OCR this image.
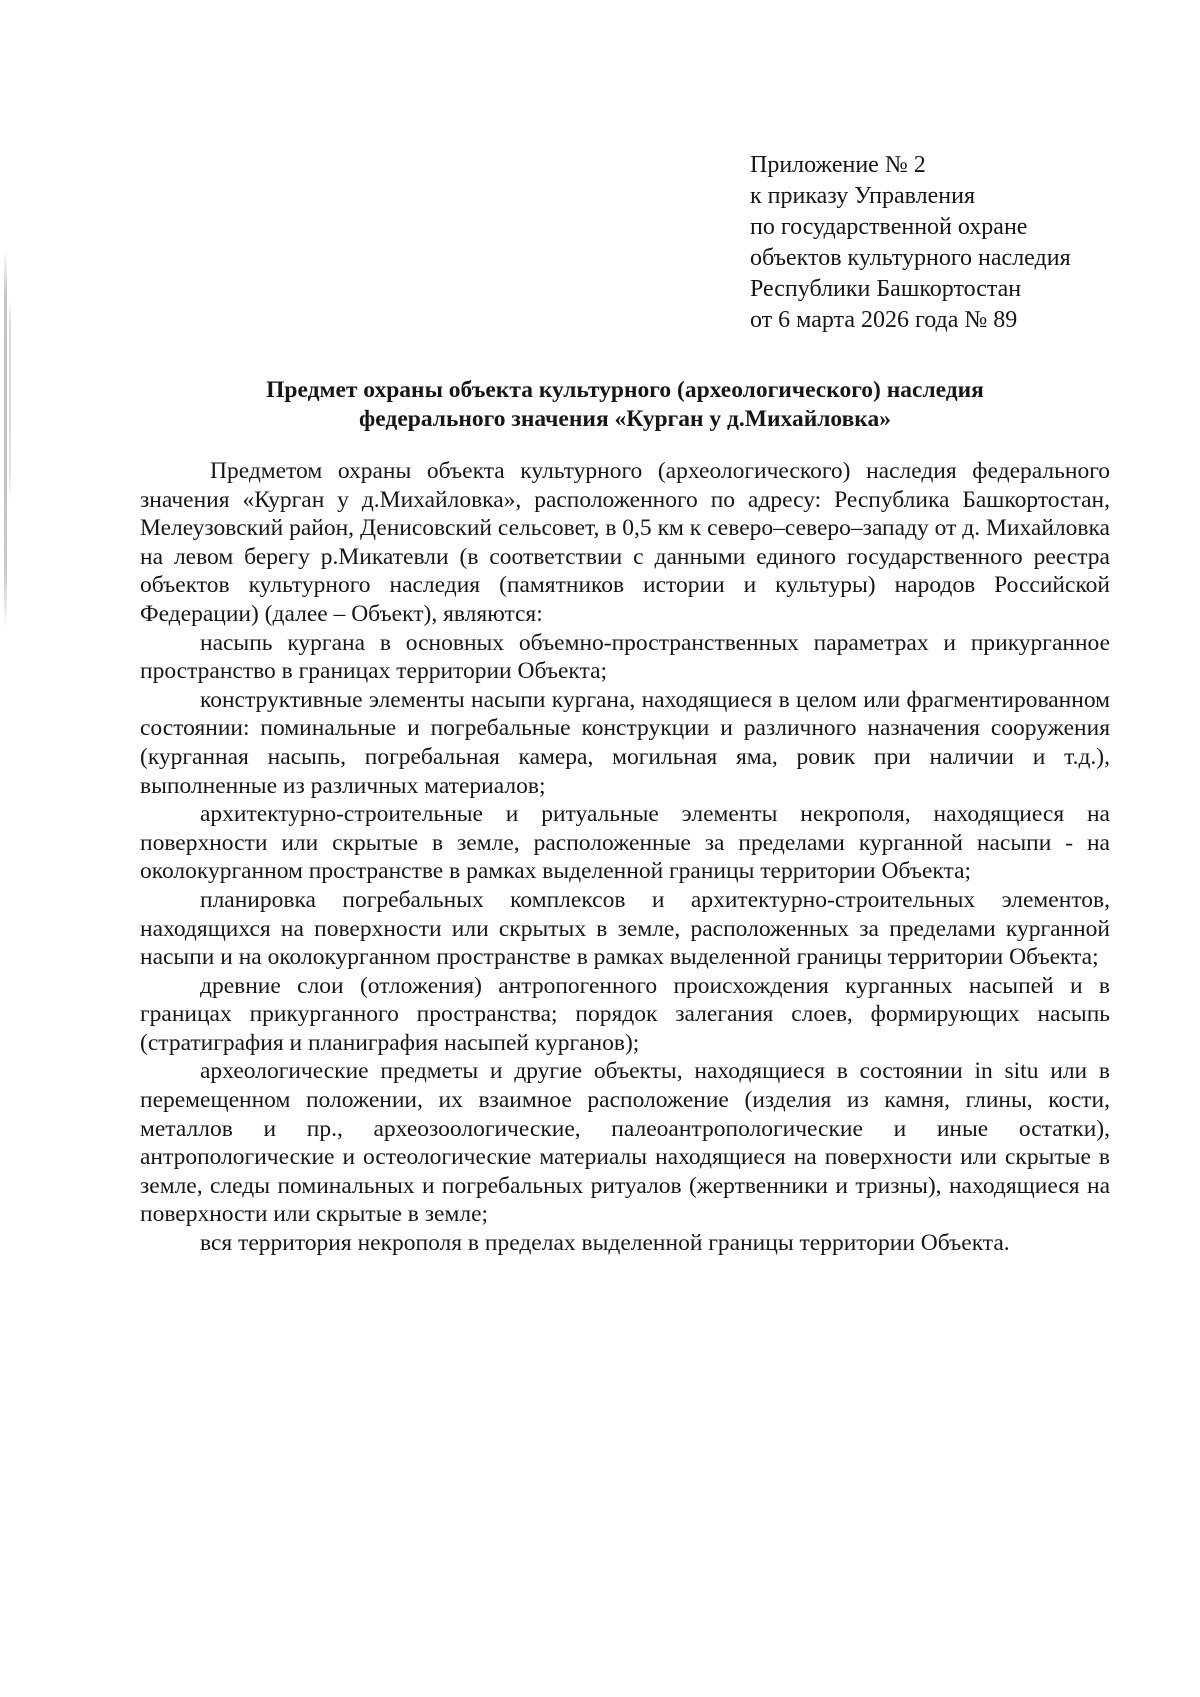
Приложение № 2
к приказу Управления
по государственной охране
объектов культурного наследия
Республики Башкортостан
от 6 марта 2026 года № 89
Предмет охраны объекта культурного (археологического) наследия
федерального значения «Курган у д.Михайловка»

Предметом охраны объекта культурного (археологического) наследия федерального значения «Курган у д.Михайловка», расположенного по адресу: Республика Башкортостан, Мелеузовский район, Денисовский сельсовет, в 0,5 км к северо–северо–западу от д. Михайловка на левом берегу р.Микатевли (в соответствии с данными единого государственного реестра объектов культурного наследия (памятников истории и культуры) народов Российской Федерации) (далее – Объект), являются:

насыпь кургана в основных объемно-пространственных параметрах и прикурганное пространство в границах территории Объекта;

конструктивные элементы насыпи кургана, находящиеся в целом или фрагментированном состоянии: поминальные и погребальные конструкции и различного назначения сооружения (курганная насыпь, погребальная камера, могильная яма, ровик при наличии и т.д.), выполненные из различных материалов;

архитектурно-строительные и ритуальные элементы некрополя, находящиеся на поверхности или скрытые в земле, расположенные за пределами курганной насыпи - на околокурганном пространстве в рамках выделенной границы территории Объекта;

планировка погребальных комплексов и архитектурно-строительных элементов, находящихся на поверхности или скрытых в земле, расположенных за пределами курганной насыпи и на околокурганном пространстве в рамках выделенной границы территории Объекта;

древние слои (отложения) антропогенного происхождения курганных насыпей и в границах прикурганного пространства; порядок залегания слоев, формирующих насыпь (стратиграфия и планиграфия насыпей курганов);

археологические предметы и другие объекты, находящиеся в состоянии in situ или в перемещенном положении, их взаимное расположение (изделия из камня, глины, кости, металлов и пр., археозоологические, палеоантропологические и иные остатки), антропологические и остеологические материалы находящиеся на поверхности или скрытые в земле, следы поминальных и погребальных ритуалов (жертвенники и тризны), находящиеся на поверхности или скрытые в земле;

вся территория некрополя в пределах выделенной границы территории Объекта.
